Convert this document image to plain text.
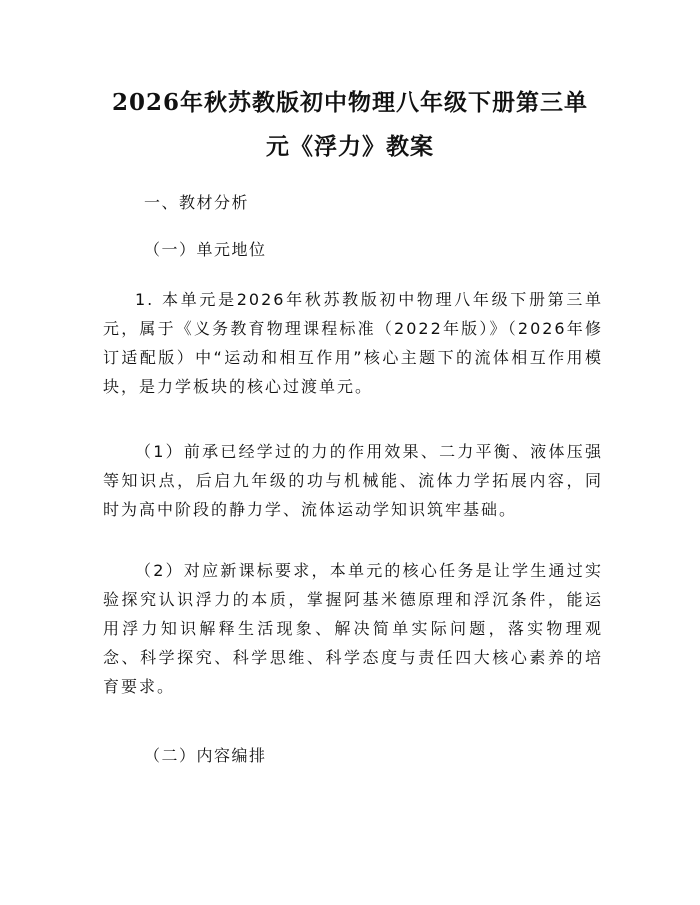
2026年秋苏教版初中物理八年级下册第三单
元《浮力》教案

一、教材分析

（一）单元地位

1. 本单元是2026年秋苏教版初中物理八年级下册第三单元，属于《义务教育物理课程标准（2022年版）》（2026年修订适配版）中“运动和相互作用”核心主题下的流体相互作用模块，是力学板块的核心过渡单元。

（1）前承已经学过的力的作用效果、二力平衡、液体压强等知识点，后启九年级的功与机械能、流体力学拓展内容，同时为高中阶段的静力学、流体运动学知识筑牢基础。

（2）对应新课标要求，本单元的核心任务是让学生通过实验探究认识浮力的本质，掌握阿基米德原理和浮沉条件，能运用浮力知识解释生活现象、解决简单实际问题，落实物理观念、科学探究、科学思维、科学态度与责任四大核心素养的培育要求。

（二）内容编排
